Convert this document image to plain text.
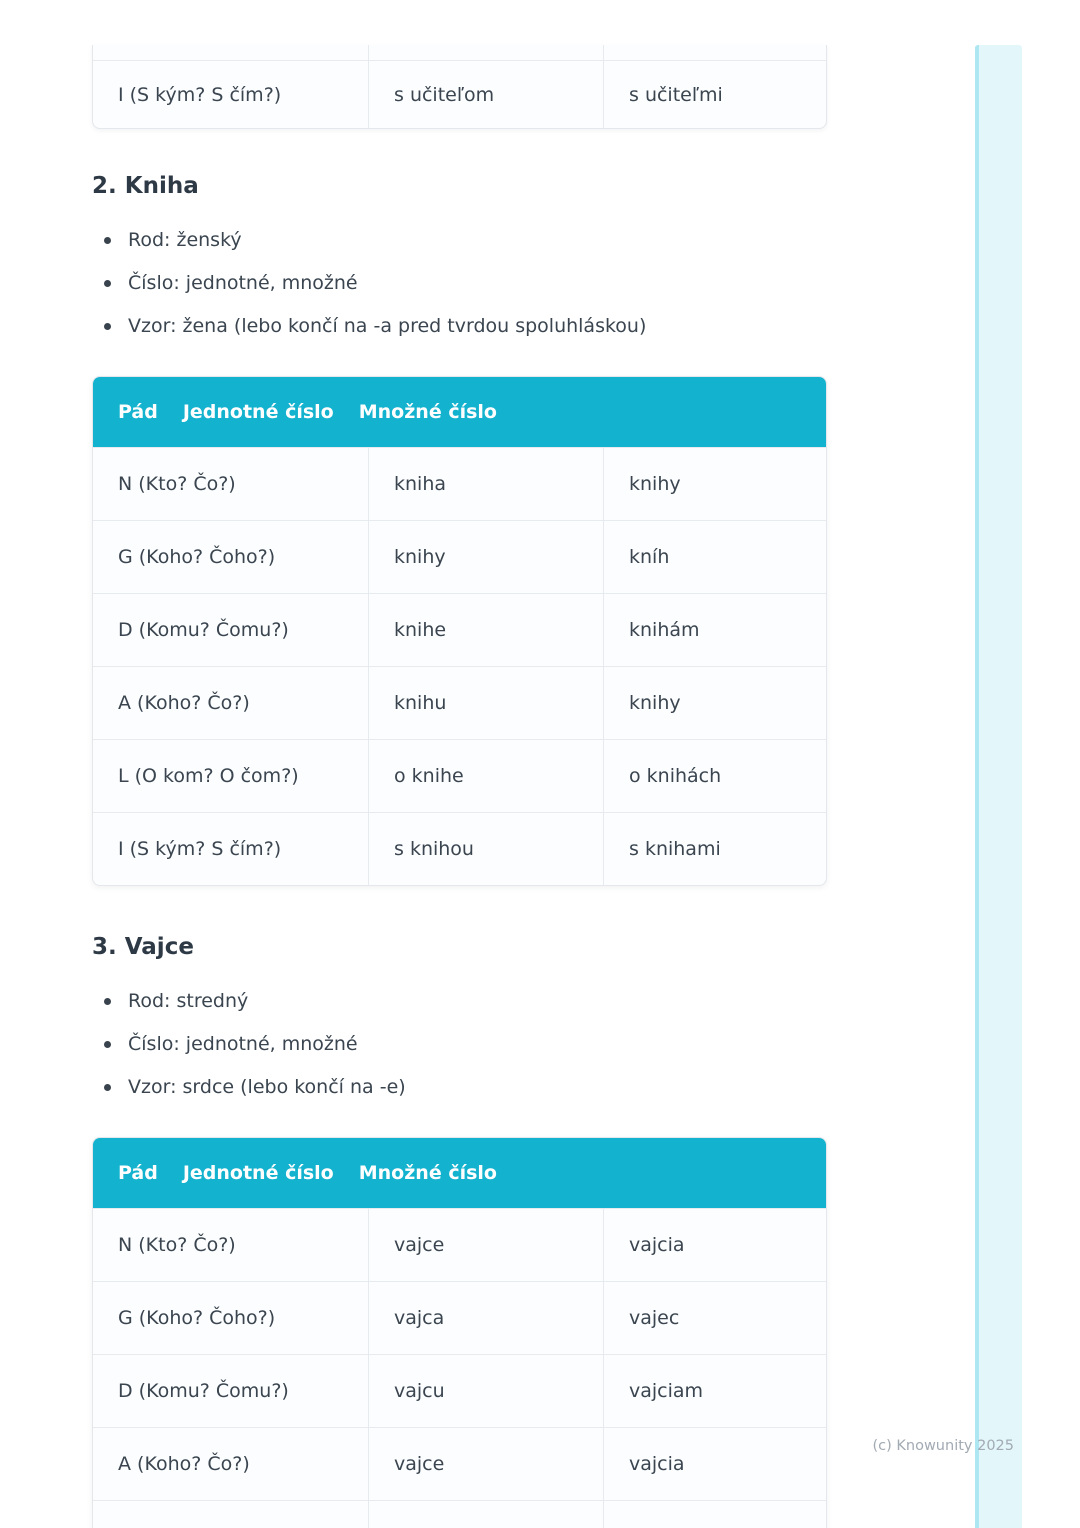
I (S kým? S čím?)	s učiteľom	s učiteľmi
2. Kniha
Rod: ženský
Číslo: jednotné, množné
Vzor: žena (lebo končí na -a pred tvrdou spoluhláskou)
Pád	Jednotné číslo	Množné číslo
N (Kto? Čo?)	kniha	knihy
G (Koho? Čoho?)	knihy	kníh
D (Komu? Čomu?)	knihe	knihám
A (Koho? Čo?)	knihu	knihy
L (O kom? O čom?)	o knihe	o knihách
I (S kým? S čím?)	s knihou	s knihami
3. Vajce
Rod: stredný
Číslo: jednotné, množné
Vzor: srdce (lebo končí na -e)
Pád	Jednotné číslo	Množné číslo
N (Kto? Čo?)	vajce	vajcia
G (Koho? Čoho?)	vajca	vajec
D (Komu? Čomu?)	vajcu	vajciam
A (Koho? Čo?)	vajce	vajcia
(c) Knowunity 2025
